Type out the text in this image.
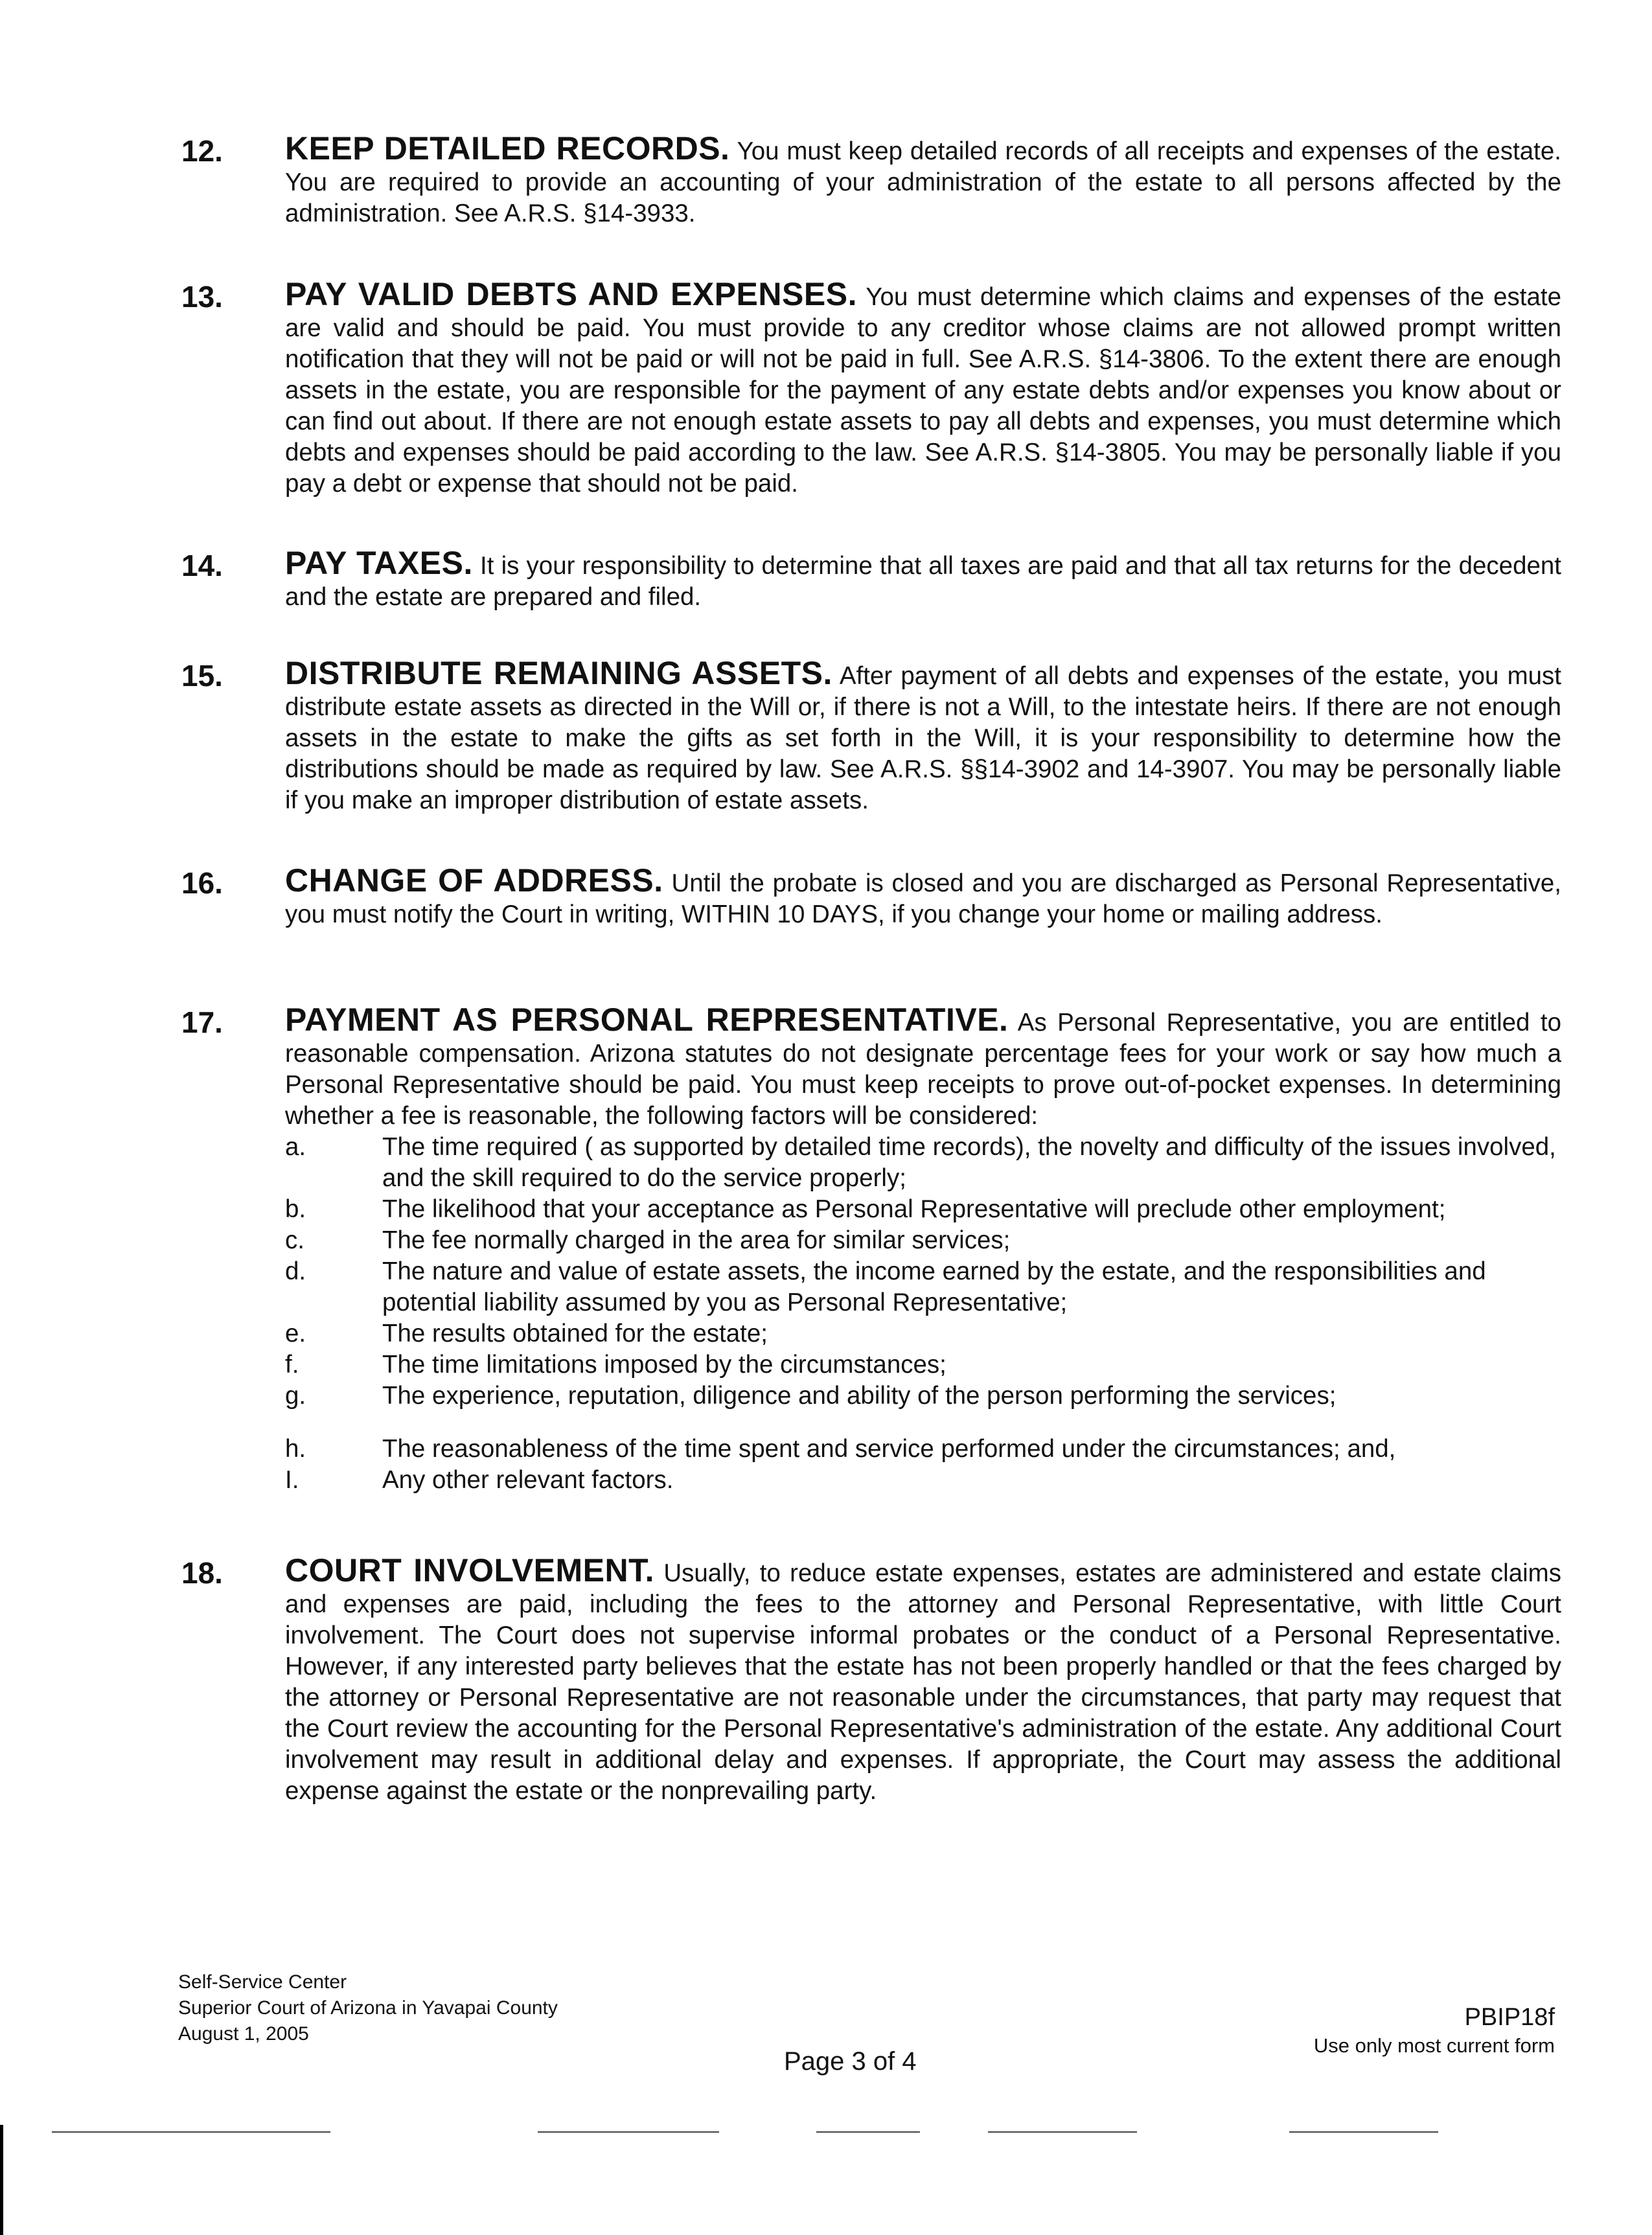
12.	KEEP DETAILED RECORDS. You must keep detailed records of all receipts and expenses of the estate. You are required to provide an accounting of your administration of the estate to all persons affected by the administration. See A.R.S. §14-3933.

13.	PAY VALID DEBTS AND EXPENSES. You must determine which claims and expenses of the estate are valid and should be paid. You must provide to any creditor whose claims are not allowed prompt written notification that they will not be paid or will not be paid in full. See A.R.S. §14-3806. To the extent there are enough assets in the estate, you are responsible for the payment of any estate debts and/or expenses you know about or can find out about. If there are not enough estate assets to pay all debts and expenses, you must determine which debts and expenses should be paid according to the law. See A.R.S. §14-3805. You may be personally liable if you pay a debt or expense that should not be paid.

14.	PAY TAXES. It is your responsibility to determine that all taxes are paid and that all tax returns for the decedent and the estate are prepared and filed.

15.	DISTRIBUTE REMAINING ASSETS. After payment of all debts and expenses of the estate, you must distribute estate assets as directed in the Will or, if there is not a Will, to the intestate heirs. If there are not enough assets in the estate to make the gifts as set forth in the Will, it is your responsibility to determine how the distributions should be made as required by law. See A.R.S. §§14-3902 and 14-3907. You may be personally liable if you make an improper distribution of estate assets.

16.	CHANGE OF ADDRESS. Until the probate is closed and you are discharged as Personal Representative, you must notify the Court in writing, WITHIN 10 DAYS, if you change your home or mailing address.

17.	PAYMENT AS PERSONAL REPRESENTATIVE. As Personal Representative, you are entitled to reasonable compensation. Arizona statutes do not designate percentage fees for your work or say how much a Personal Representative should be paid. You must keep receipts to prove out-of-pocket expenses. In determining whether a fee is reasonable, the following factors will be considered:

a.	The time required ( as supported by detailed time records), the novelty and difficulty of the issues involved, and the skill required to do the service properly;
b.	The likelihood that your acceptance as Personal Representative will preclude other employment;
c.	The fee normally charged in the area for similar services;
d.	The nature and value of estate assets, the income earned by the estate, and the responsibilities and potential liability assumed by you as Personal Representative;
e.	The results obtained for the estate;
f.	The time limitations imposed by the circumstances;
g.	The experience, reputation, diligence and ability of the person performing the services;
h.	The reasonableness of the time spent and service performed under the circumstances; and,
I.	Any other relevant factors.
18.	COURT INVOLVEMENT. Usually, to reduce estate expenses, estates are administered and estate claims and expenses are paid, including the fees to the attorney and Personal Representative, with little Court involvement. The Court does not supervise informal probates or the conduct of a Personal Representative. However, if any interested party believes that the estate has not been properly handled or that the fees charged by the attorney or Personal Representative are not reasonable under the circumstances, that party may request that the Court review the accounting for the Personal Representative's administration of the estate. Any additional Court involvement may result in additional delay and expenses. If appropriate, the Court may assess the additional expense against the estate or the nonprevailing party.

Self-Service Center
Superior Court of Arizona in Yavapai County
August 1, 2005
Page 3 of 4
PBIP18f
Use only most current form
